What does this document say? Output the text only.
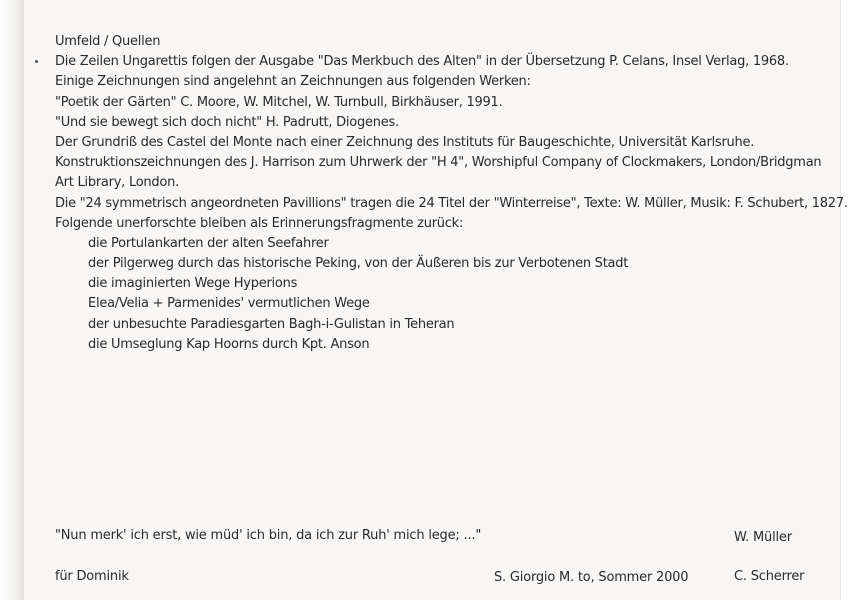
Umfeld / Quellen
Die Zeilen Ungarettis folgen der Ausgabe "Das Merkbuch des Alten" in der Übersetzung P. Celans, Insel Verlag, 1968.
Einige Zeichnungen sind angelehnt an Zeichnungen aus folgenden Werken:
"Poetik der Gärten" C. Moore, W. Mitchel, W. Turnbull, Birkhäuser, 1991.
"Und sie bewegt sich doch nicht" H. Padrutt, Diogenes.
Der Grundriß des Castel del Monte nach einer Zeichnung des Instituts für Baugeschichte, Universität Karlsruhe.
Konstruktionszeichnungen des J. Harrison zum Uhrwerk der "H 4", Worshipful Company of Clockmakers, London/Bridgman
Art Library, London.
Die "24 symmetrisch angeordneten Pavillions" tragen die 24 Titel der "Winterreise", Texte: W. Müller, Musik: F. Schubert, 1827.
Folgende unerforschte bleiben als Erinnerungsfragmente zurück:
die Portulankarten der alten Seefahrer
der Pilgerweg durch das historische Peking, von der Äußeren bis zur Verbotenen Stadt
die imaginierten Wege Hyperions
Elea/Velia + Parmenides' vermutlichen Wege
der unbesuchte Paradiesgarten Bagh-i-Gulistan in Teheran
die Umseglung Kap Hoorns durch Kpt. Anson
"Nun merk' ich erst, wie müd' ich bin, da ich zur Ruh' mich lege; ..."	W. Müller
für Dominik	S. Giorgio M. to, Sommer 2000	C. Scherrer
